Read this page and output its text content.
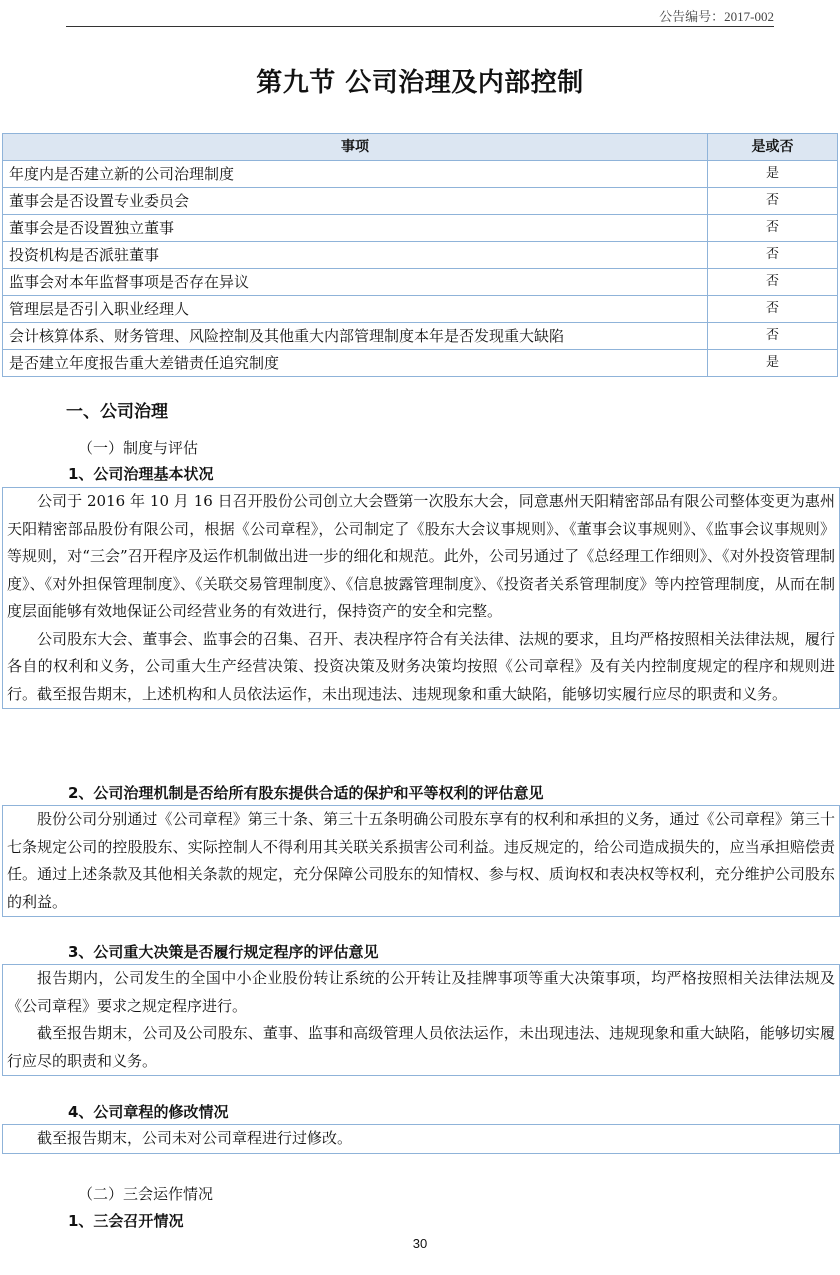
公告编号：2017-002
第九节 公司治理及内部控制
事项	是或否
年度内是否建立新的公司治理制度	是
董事会是否设置专业委员会	否
董事会是否设置独立董事	否
投资机构是否派驻董事	否
监事会对本年监督事项是否存在异议	否
管理层是否引入职业经理人	否
会计核算体系、财务管理、风险控制及其他重大内部管理制度本年是否发现重大缺陷	否
是否建立年度报告重大差错责任追究制度	是
一、公司治理
（一）制度与评估
1、公司治理基本状况

公司于 2016 年 10 月 16 日召开股份公司创立大会暨第一次股东大会，同意惠州天阳精密部品有限公司整体变更为惠州天阳精密部品股份有限公司，根据《公司章程》，公司制定了《股东大会议事规则》、《董事会议事规则》、《监事会议事规则》等规则，对“三会”召开程序及运作机制做出进一步的细化和规范。此外，公司另通过了《总经理工作细则》、《对外投资管理制度》、《对外担保管理制度》、《关联交易管理制度》、《信息披露管理制度》、《投资者关系管理制度》等内控管理制度，从而在制度层面能够有效地保证公司经营业务的有效进行，保持资产的安全和完整。

公司股东大会、董事会、监事会的召集、召开、表决程序符合有关法律、法规的要求，且均严格按照相关法律法规，履行各自的权利和义务，公司重大生产经营决策、投资决策及财务决策均按照《公司章程》及有关内控制度规定的程序和规则进行。截至报告期末，上述机构和人员依法运作，未出现违法、违规现象和重大缺陷，能够切实履行应尽的职责和义务。

2、公司治理机制是否给所有股东提供合适的保护和平等权利的评估意见

股份公司分别通过《公司章程》第三十条、第三十五条明确公司股东享有的权利和承担的义务，通过《公司章程》第三十七条规定公司的控股股东、实际控制人不得利用其关联关系损害公司利益。违反规定的，给公司造成损失的，应当承担赔偿责任。通过上述条款及其他相关条款的规定，充分保障公司股东的知情权、参与权、质询权和表决权等权利，充分维护公司股东的利益。

3、公司重大决策是否履行规定程序的评估意见

报告期内，公司发生的全国中小企业股份转让系统的公开转让及挂牌事项等重大决策事项，均严格按照相关法律法规及《公司章程》要求之规定程序进行。

截至报告期末，公司及公司股东、董事、监事和高级管理人员依法运作，未出现违法、违规现象和重大缺陷，能够切实履行应尽的职责和义务。

4、公司章程的修改情况

截至报告期末，公司未对公司章程进行过修改。

（二）三会运作情况
1、三会召开情况
30
